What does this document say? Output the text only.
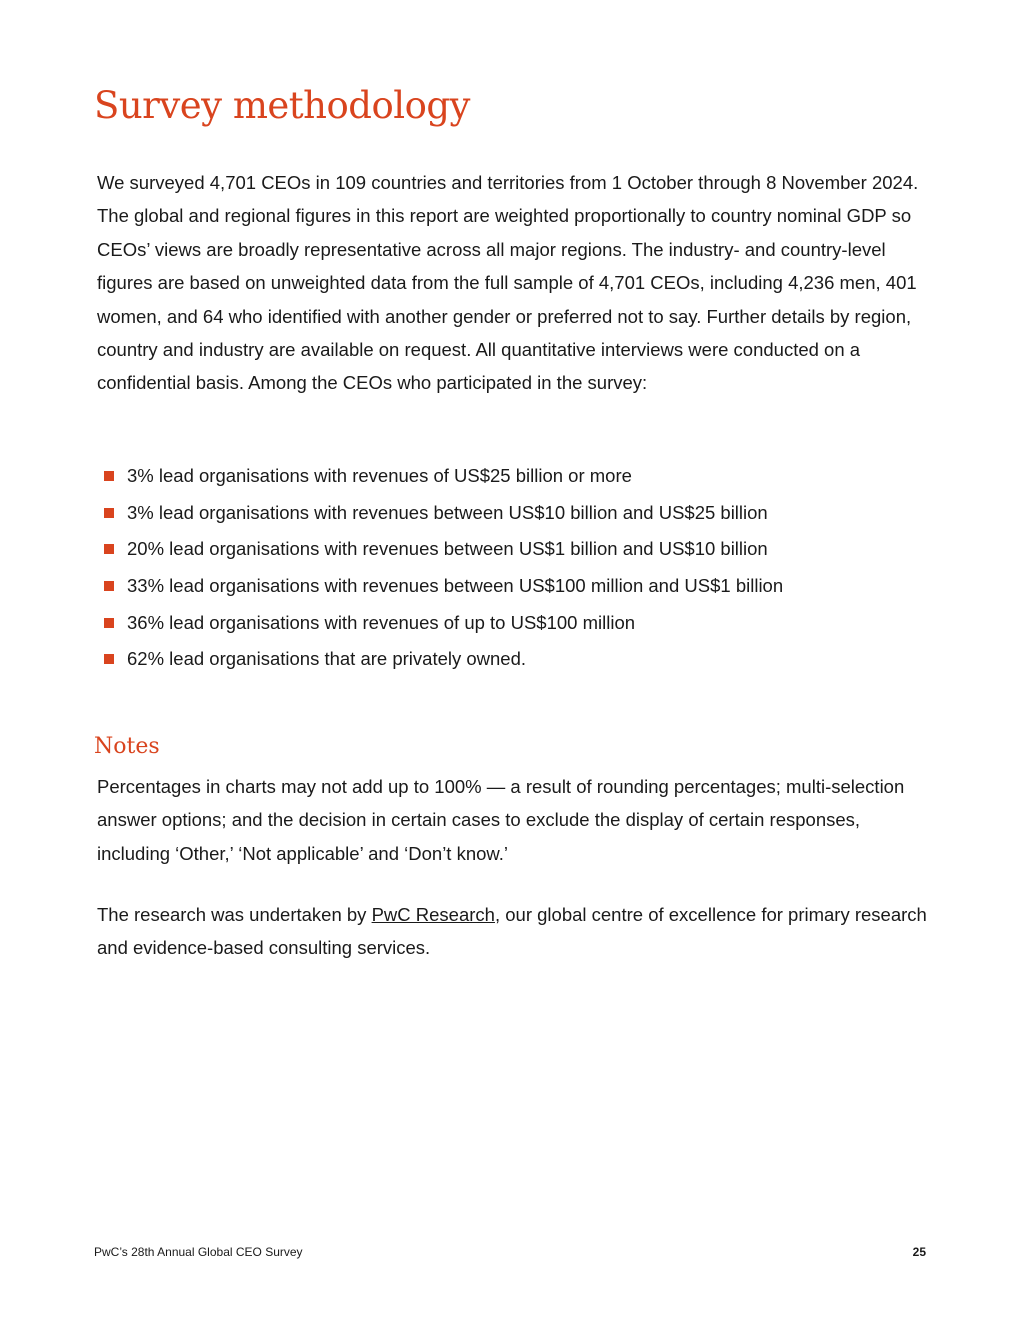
Survey methodology

We surveyed 4,701 CEOs in 109 countries and territories from 1 October through 8 November 2024. The global and regional figures in this report are weighted proportionally to country nominal GDP so CEOs’ views are broadly representative across all major regions. The industry- and country-level figures are based on unweighted data from the full sample of 4,701 CEOs, including 4,236 men, 401 women, and 64 who identified with another gender or preferred not to say. Further details by region, country and industry are available on request. All quantitative interviews were conducted on a confidential basis. Among the CEOs who participated in the survey:

3% lead organisations with revenues of US$25 billion or more
3% lead organisations with revenues between US$10 billion and US$25 billion
20% lead organisations with revenues between US$1 billion and US$10 billion
33% lead organisations with revenues between US$100 million and US$1 billion
36% lead organisations with revenues of up to US$100 million
62% lead organisations that are privately owned.
Notes

Percentages in charts may not add up to 100% — a result of rounding percentages; multi-selection answer options; and the decision in certain cases to exclude the display of certain responses, including ‘Other,’ ‘Not applicable’ and ‘Don’t know.’

The research was undertaken by PwC Research, our global centre of excellence for primary research and evidence-based consulting services.

PwC’s 28th Annual Global CEO Survey	25
